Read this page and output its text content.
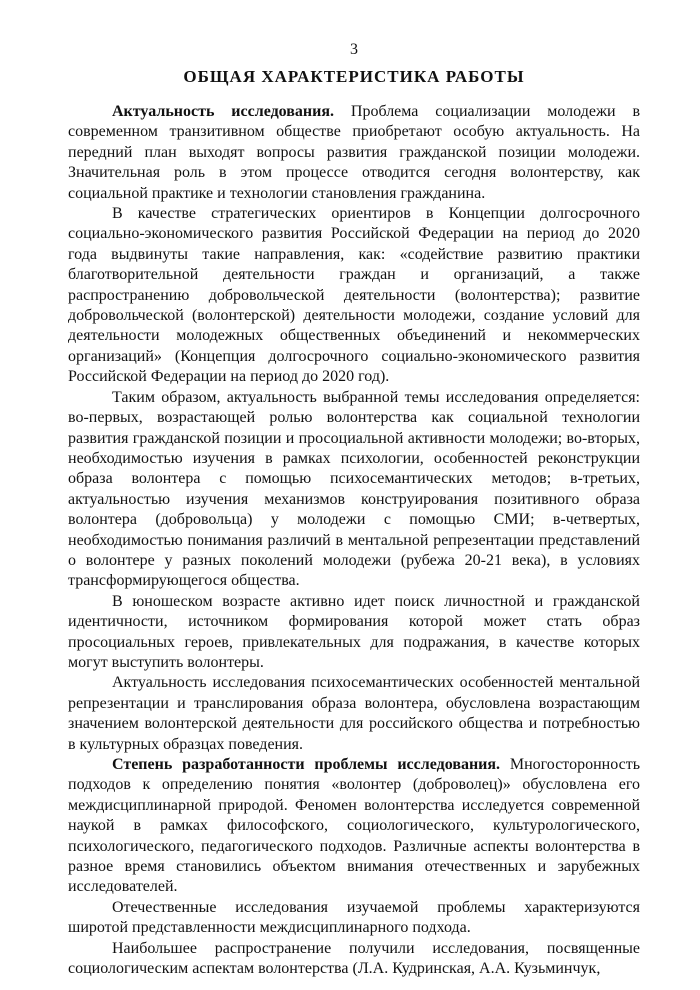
3
ОБЩАЯ ХАРАКТЕРИСТИКА РАБОТЫ

Актуальность исследования. Проблема социализации молодежи в современном транзитивном обществе приобретают особую актуальность. На передний план выходят вопросы развития гражданской позиции молодежи. Значительная роль в этом процессе отводится сегодня волонтерству, как социальной практике и технологии становления гражданина.

В качестве стратегических ориентиров в Концепции долгосрочного социально-экономического развития Российской Федерации на период до 2020 года выдвинуты такие направления, как: «содействие развитию практики благотворительной деятельности граждан и организаций, а также распространению добровольческой деятельности (волонтерства); развитие добровольческой (волонтерской) деятельности молодежи, создание условий для деятельности молодежных общественных объединений и некоммерческих организаций» (Концепция долгосрочного социально-экономического развития Российской Федерации на период до 2020 год).

Таким образом, актуальность выбранной темы исследования определяется: во-первых, возрастающей ролью волонтерства как социальной технологии развития гражданской позиции и просоциальной активности молодежи; во-вторых, необходимостью изучения в рамках психологии, особенностей реконструкции образа волонтера с помощью психосемантических методов; в-третьих, актуальностью изучения механизмов конструирования позитивного образа волонтера (добровольца) у молодежи с помощью СМИ; в-четвертых, необходимостью понимания различий в ментальной репрезентации представлений о волонтере у разных поколений молодежи (рубежа 20-21 века), в условиях трансформирующегося общества.

В юношеском возрасте активно идет поиск личностной и гражданской идентичности, источником формирования которой может стать образ просоциальных героев, привлекательных для подражания, в качестве которых могут выступить волонтеры.

Актуальность исследования психосемантических особенностей ментальной репрезентации и транслирования образа волонтера, обусловлена возрастающим значением волонтерской деятельности для российского общества и потребностью в культурных образцах поведения.

Степень разработанности проблемы исследования. Многосторонность подходов к определению понятия «волонтер (доброволец)» обусловлена его междисциплинарной природой. Феномен волонтерства исследуется современной наукой в рамках философского, социологического, культурологического, психологического, педагогического подходов. Различные аспекты волонтерства в разное время становились объектом внимания отечественных и зарубежных исследователей.

Отечественные исследования изучаемой проблемы характеризуются широтой представленности междисциплинарного подхода.

Наибольшее распространение получили исследования, посвященные социологическим аспектам волонтерства (Л.А. Кудринская, А.А. Кузьминчук,
